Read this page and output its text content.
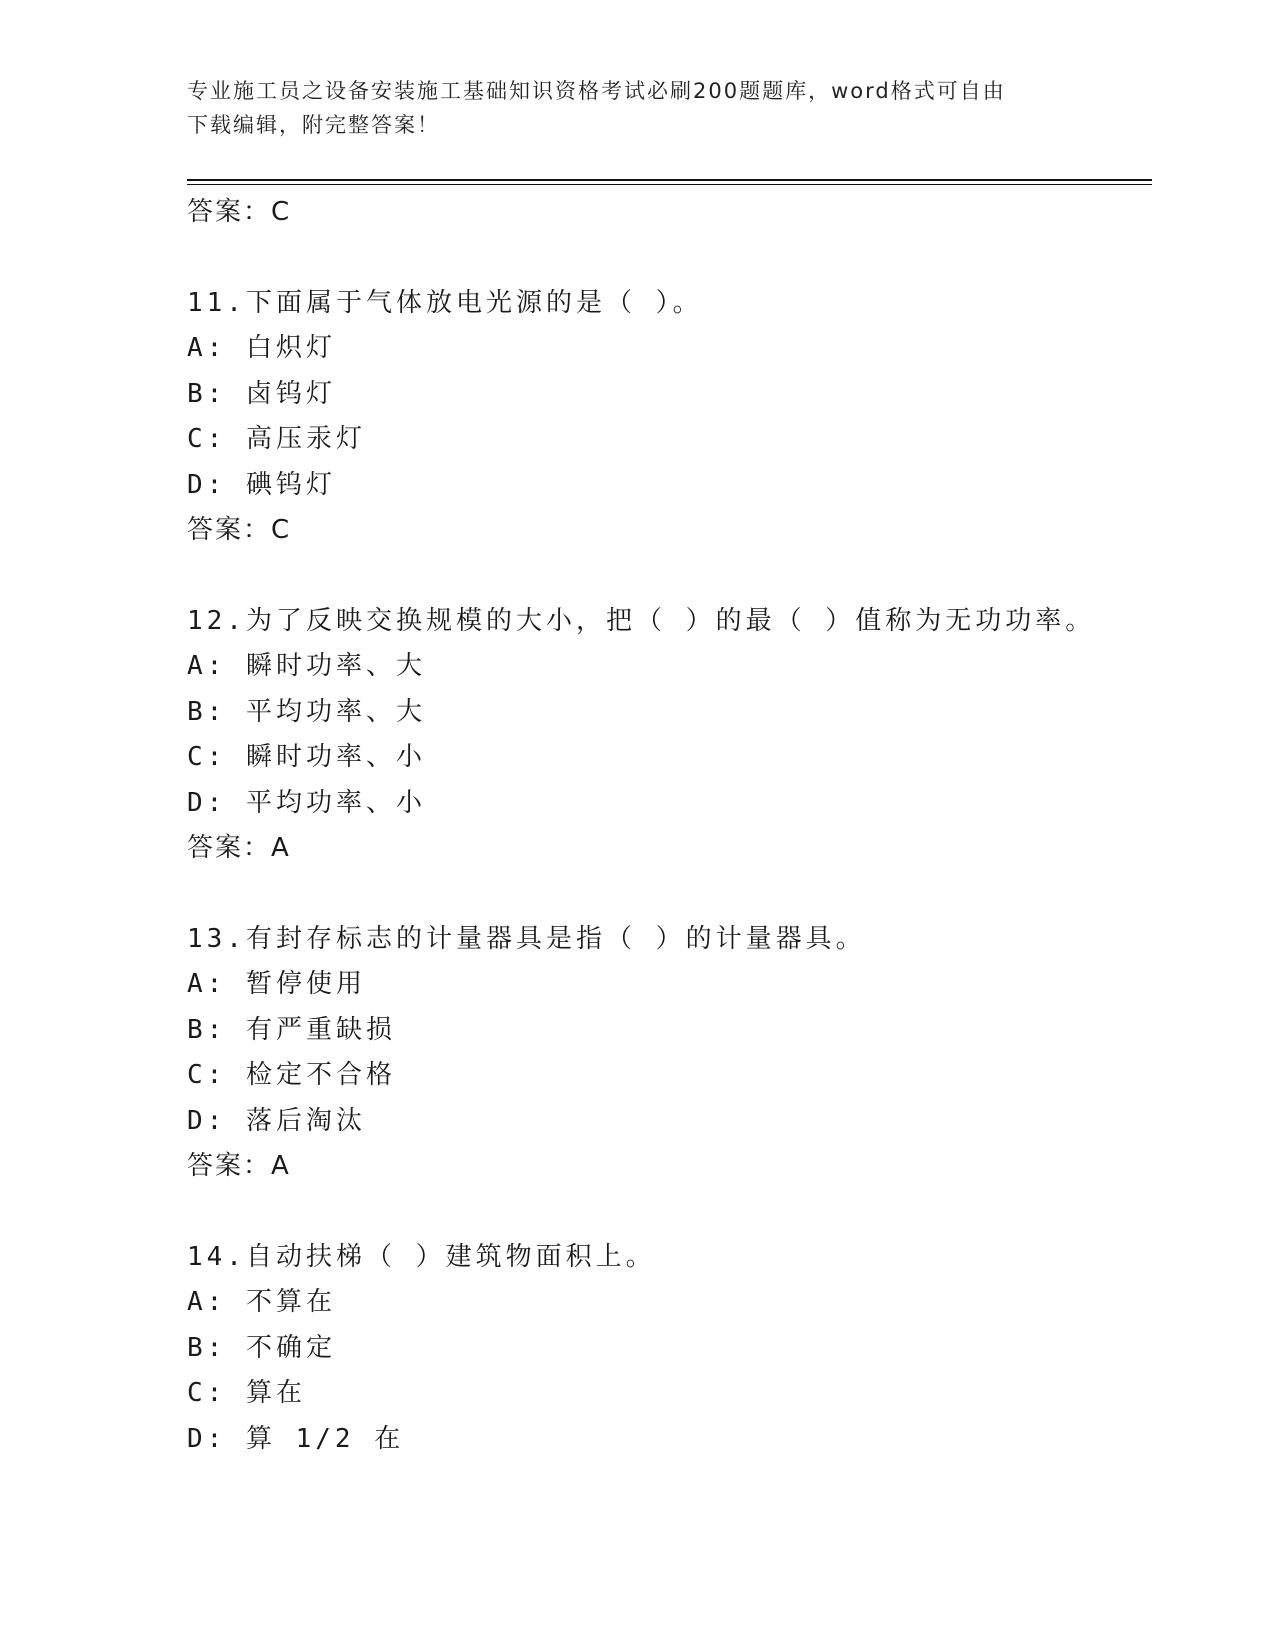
专业施工员之设备安装施工基础知识资格考试必刷200题题库，word格式可自由
下载编辑，附完整答案！
答案：C
11.下面属于气体放电光源的是（ ）。
A: 白炽灯
B: 卤钨灯
C: 高压汞灯
D: 碘钨灯
答案：C
12.为了反映交换规模的大小，把（ ）的最（ ）值称为无功功率。
A: 瞬时功率、大
B: 平均功率、大
C: 瞬时功率、小
D: 平均功率、小
答案：A
13.有封存标志的计量器具是指（ ）的计量器具。
A: 暂停使用
B: 有严重缺损
C: 检定不合格
D: 落后淘汰
答案：A
14.自动扶梯（ ）建筑物面积上。
A: 不算在
B: 不确定
C: 算在
D: 算 1/2 在
